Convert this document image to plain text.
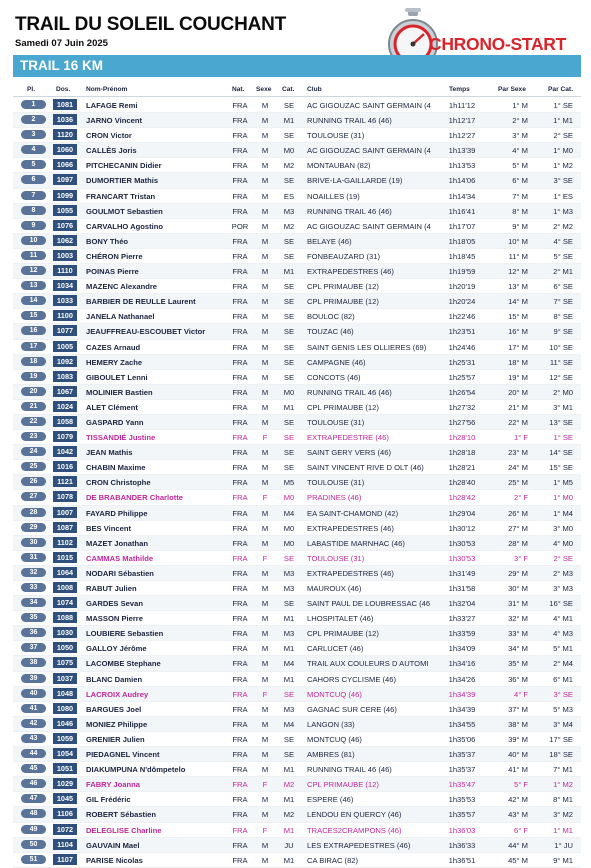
TRAIL DU SOLEIL COUCHANT
Samedi 07 Juin 2025	CHRONO-START
TRAIL 16 KM
Pl.	Dos. Nom-Prénom	Nat. Sexe Cat. Club	Temps	Par Sexe	Par Cat.
1	1081	LAFAGE Remi	FRA	M	SE	AC GIGOUZAC SAINT GERMAIN (4	1h11'12	1° M	1° SE
2	1036	JARNO Vincent	FRA	M	M1	RUNNING TRAIL 46 (46)	1h12'17	2° M	1° M1
3	1120	CRON Victor	FRA	M	SE	TOULOUSE (31)	1h12'27	3° M	2° SE
4	1060	CALLÈS Joris	FRA	M	M0	AC GIGOUZAC SAINT GERMAIN (4	1h13'39	4° M	1° M0
5	1066	PITCHECANIN Didier	FRA	M	M2	MONTAUBAN (82)	1h13'53	5° M	1° M2
6	1097	DUMORTIER Mathis	FRA	M	SE	BRIVE-LA-GAILLARDE (19)	1h14'06	6° M	3° SE
7	1099	FRANCART Tristan	FRA	M	ES	NOAILLES (19)	1h14'34	7° M	1° ES
8	1055	GOULMOT Sebastien	FRA	M	M3	RUNNING TRAIL 46 (46)	1h16'41	8° M	1° M3
9	1076	CARVALHO Agostino	POR	M	M2	AC GIGOUZAC SAINT GERMAIN (4	1h17'07	9° M	2° M2
10	1062	BONY Théo	FRA	M	SE	BELAYE (46)	1h18'05	10° M	4° SE
11	1003	CHÉRON Pierre	FRA	M	SE	FONBEAUZARD (31)	1h18'45	11° M	5° SE
12	1110	POINAS Pierre	FRA	M	M1	EXTRAPEDESTRES (46)	1h19'59	12° M	2° M1
13	1034	MAZENC Alexandre	FRA	M	SE	CPL PRIMAUBE (12)	1h20'19	13° M	6° SE
14	1033	BARBIER DE REULLE Laurent	FRA	M	SE	CPL PRIMAUBE (12)	1h20'24	14° M	7° SE
15	1100	JANELA Nathanael	FRA	M	SE	BOULOC (82)	1h22'46	15° M	8° SE
16	1077	JEAUFFREAU-ESCOUBET Victor	FRA	M	SE	TOUZAC (46)	1h23'51	16° M	9° SE
17	1005	CAZES Arnaud	FRA	M	SE	SAINT GENIS LES OLLIERES (69)	1h24'46	17° M	10° SE
18	1092	HEMERY Zache	FRA	M	SE	CAMPAGNE (46)	1h25'31	18° M	11° SE
19	1083	GIBOULET Lenni	FRA	M	SE	CONCOTS (46)	1h25'57	19° M	12° SE
20	1067	MOLINIER Bastien	FRA	M	M0	RUNNING TRAIL 46 (46)	1h26'54	20° M	2° M0
21	1024	ALET Clément	FRA	M	M1	CPL PRIMAUBE (12)	1h27'32	21° M	3° M1
22	1058	GASPARD Yann	FRA	M	SE	TOULOUSE (31)	1h27'56	22° M	13° SE
23	1079	TISSANDIÉ Justine	FRA	F	SE	EXTRAPEDESTRE (46)	1h28'10	1° F	1° SE
24	1042	JEAN Mathis	FRA	M	SE	SAINT GERY VERS (46)	1h28'18	23° M	14° SE
25	1016	CHABIN Maxime	FRA	M	SE	SAINT VINCENT RIVE D OLT (46)	1h28'21	24° M	15° SE
26	1121	CRON Christophe	FRA	M	M5	TOULOUSE (31)	1h28'40	25° M	1° M5
27	1078	DE BRABANDER Charlotte	FRA	F	M0	PRADINES (46)	1h28'42	2° F	1° M0
28	1007	FAYARD Philippe	FRA	M	M4	EA SAINT-CHAMOND (42)	1h29'04	26° M	1° M4
29	1087	BES Vincent	FRA	M	M0	EXTRAPEDESTRES (46)	1h30'12	27° M	3° M0
30	1102	MAZET Jonathan	FRA	M	M0	LABASTIDE MARNHAC (46)	1h30'53	28° M	4° M0
31	1015	CAMMAS Mathilde	FRA	F	SE	TOULOUSE (31)	1h30'53	3° F	2° SE
32	1064	NODARI Sébastien	FRA	M	M3	EXTRAPEDESTRES (46)	1h31'49	29° M	2° M3
33	1008	RABUT Julien	FRA	M	M3	MAUROUX (46)	1h31'58	30° M	3° M3
34	1074	GARDES Sevan	FRA	M	SE	SAINT PAUL DE LOUBRESSAC (46	1h32'04	31° M	16° SE
35	1088	MASSON Pierre	FRA	M	M1	LHOSPITALET (46)	1h33'27	32° M	4° M1
36	1030	LOUBIERE Sebastien	FRA	M	M3	CPL PRIMAUBE (12)	1h33'59	33° M	4° M3
37	1050	GALLOY Jérôme	FRA	M	M1	CARLUCET (46)	1h34'09	34° M	5° M1
38	1075	LACOMBE Stephane	FRA	M	M4	TRAIL AUX COULEURS D AUTOMI	1h34'16	35° M	2° M4
39	1037	BLANC Damien	FRA	M	M1	CAHORS CYCLISME (46)	1h34'26	36° M	6° M1
40	1048	LACROIX Audrey	FRA	F	SE	MONTCUQ (46)	1h34'39	4° F	3° SE
41	1080	BARGUES Joel	FRA	M	M3	GAGNAC SUR CERE (46)	1h34'39	37° M	5° M3
42	1046	MONIEZ Philippe	FRA	M	M4	LANGON (33)	1h34'55	38° M	3° M4
43	1059	GRENIER Julien	FRA	M	SE	MONTCUQ (46)	1h35'06	39° M	17° SE
44	1054	PIEDAGNEL Vincent	FRA	M	SE	AMBRES (81)	1h35'37	40° M	18° SE
45	1051	DIAKUMPUNA N'dômpetelo	FRA	M	M1	RUNNING TRAIL 46 (46)	1h35'37	41° M	7° M1
46	1029	FABRY Joanna	FRA	F	M2	CPL PRIMAUBE (12)	1h35'47	5° F	1° M2
47	1045	GIL Frédéric	FRA	M	M1	ESPERE (46)	1h35'53	42° M	8° M1
48	1106	ROBERT Sébastien	FRA	M	M2	LENDOU EN QUERCY (46)	1h35'57	43° M	3° M2
49	1072	DELEGLISE Charline	FRA	F	M1	TRACES2CRAMPONS (46)	1h36'03	6° F	1° M1
50	1104	GAUVAIN Mael	FRA	M	JU	LES EXTRAPEDESTRES (46)	1h36'33	44° M	1° JU
51	1107	PARISE Nicolas	FRA	M	M1	CA BIRAC (82)	1h36'51	45° M	9° M1
